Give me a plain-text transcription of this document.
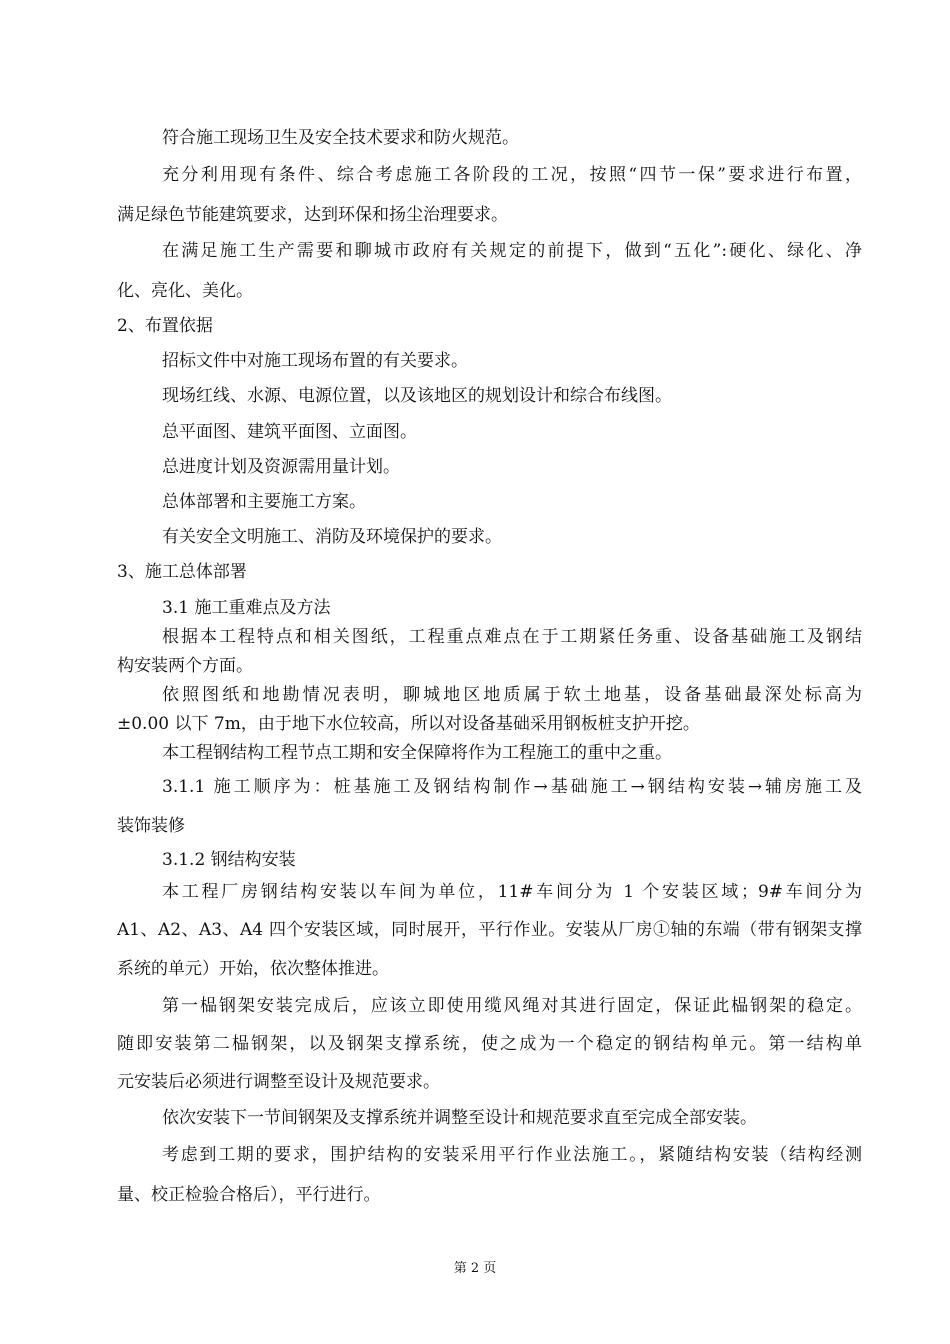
符合施工现场卫生及安全技术要求和防火规范。
充分利用现有条件、综合考虑施工各阶段的工况，按照“四节一保”要求进行布置，
满足绿色节能建筑要求，达到环保和扬尘治理要求。
在满足施工生产需要和聊城市政府有关规定的前提下，做到“五化”:硬化、绿化、净
化、亮化、美化。
2、布置依据
招标文件中对施工现场布置的有关要求。
现场红线、水源、电源位置，以及该地区的规划设计和综合布线图。
总平面图、建筑平面图、立面图。
总进度计划及资源需用量计划。
总体部署和主要施工方案。
有关安全文明施工、消防及环境保护的要求。
3、施工总体部署
3.1 施工重难点及方法
根据本工程特点和相关图纸，工程重点难点在于工期紧任务重、设备基础施工及钢结
构安装两个方面。
依照图纸和地勘情况表明，聊城地区地质属于软土地基，设备基础最深处标高为
±0.00 以下 7m，由于地下水位较高，所以对设备基础采用钢板桩支护开挖。
本工程钢结构工程节点工期和安全保障将作为工程施工的重中之重。
3.1.1 施工顺序为：桩基施工及钢结构制作→基础施工→钢结构安装→辅房施工及
装饰装修
3.1.2 钢结构安装
本工程厂房钢结构安装以车间为单位，11#车间分为 1 个安装区域；9#车间分为
A1、A2、A3、A4 四个安装区域，同时展开，平行作业。安装从厂房①轴的东端（带有钢架支撑
系统的单元）开始，依次整体推进。
第一榀钢架安装完成后，应该立即使用缆风绳对其进行固定，保证此榀钢架的稳定。
随即安装第二榀钢架，以及钢架支撑系统，使之成为一个稳定的钢结构单元。第一结构单
元安装后必须进行调整至设计及规范要求。
依次安装下一节间钢架及支撑系统并调整至设计和规范要求直至完成全部安装。
考虑到工期的要求，围护结构的安装采用平行作业法施工。，紧随结构安装（结构经测
量、校正检验合格后），平行进行。
第 2 页
